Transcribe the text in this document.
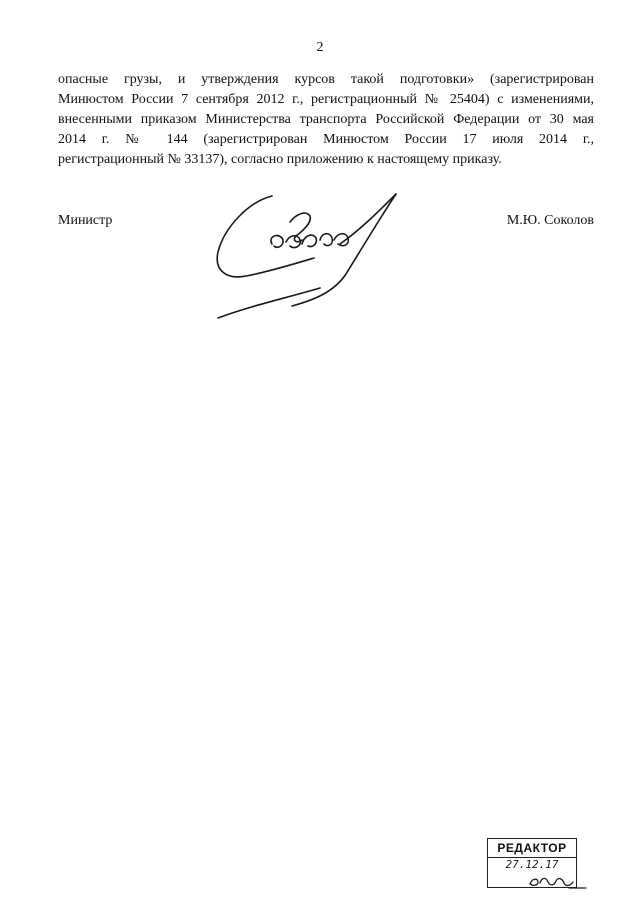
2
опасные грузы, и утверждения курсов такой подготовки» (зарегистрирован
Минюстом России 7 сентября 2012 г., регистрационный № 25404) с изменениями,
внесенными приказом Министерства транспорта Российской Федерации от 30 мая
2014 г. № 144 (зарегистрирован Минюстом России 17 июля 2014 г.,
регистрационный № 33137), согласно приложению к настоящему приказу.
Министр	М.Ю. Соколов
РЕДАКТОР
27.12.17
